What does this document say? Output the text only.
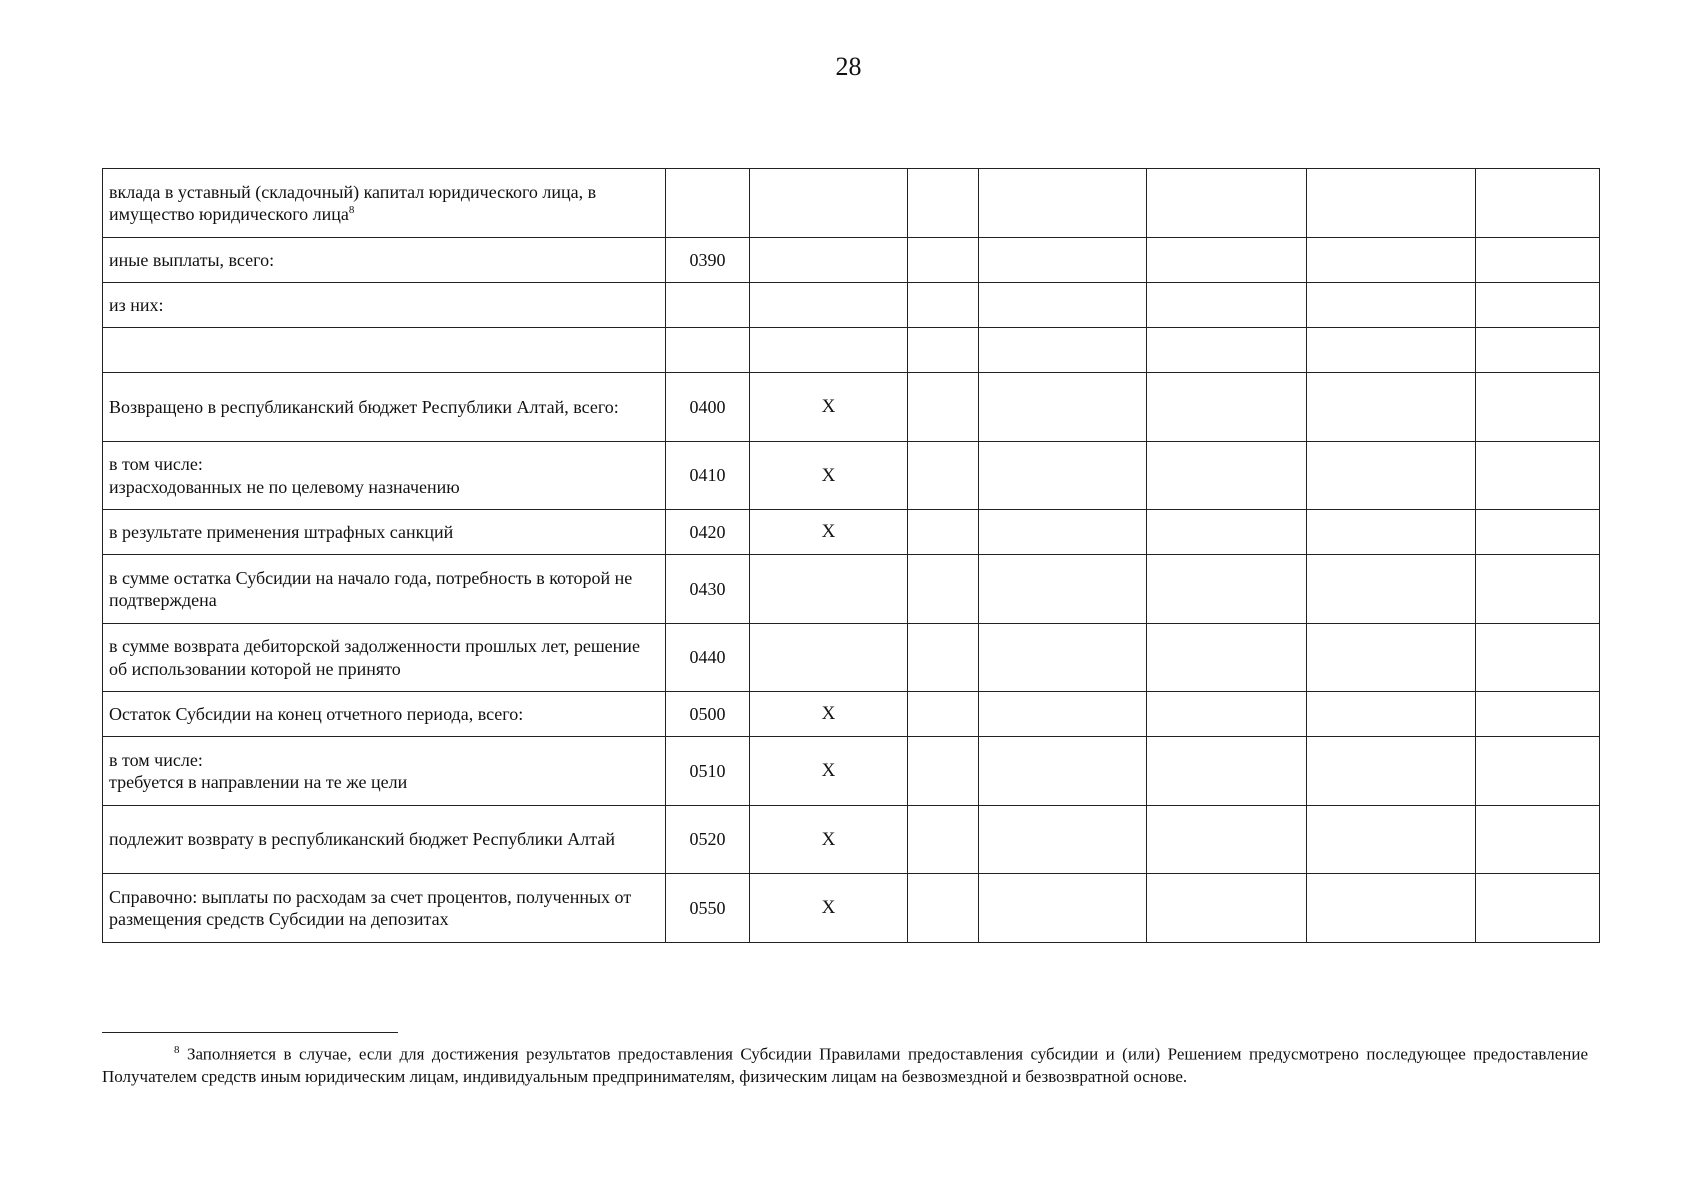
28
вклада в уставный (складочный) капитал юридического лица, в имущество юридического лица$^8$							
иные выплаты, всего:	0390						
из них:							

Возвращено в республиканский бюджет Республики Алтай, всего:	0400	X					

в том числе:
израсходованных не по целевому назначению	0410	X					
в результате применения штрафных санкций	0420	X					
в сумме остатка Субсидии на начало года, потребность в которой не подтверждена	0430						
в сумме возврата дебиторской задолженности прошлых лет, решение об использовании которой не принято	0440						
Остаток Субсидии на конец отчетного периода, всего:	0500	X					

в том числе:
требуется в направлении на те же цели	0510	X					
подлежит возврату в республиканский бюджет Республики Алтай	0520	X					
Справочно: выплаты по расходам за счет процентов, полученных от размещения средств Субсидии на депозитах	0550	X					
$^8$ Заполняется в случае, если для достижения результатов предоставления Субсидии Правилами предоставления субсидии и (или) Решением предусмотрено последующее предоставление Получателем средств иным юридическим лицам, индивидуальным предпринимателям, физическим лицам на безвозмездной и безвозвратной основе.
